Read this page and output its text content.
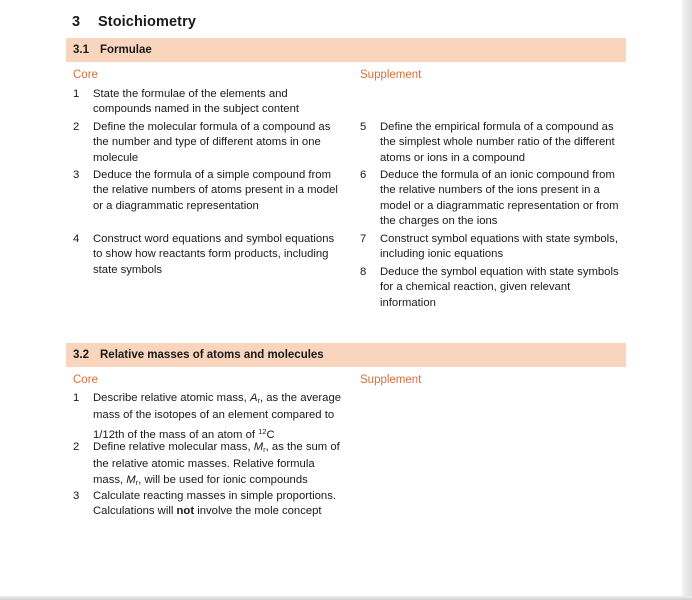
3 Stoichiometry
3.1 Formulae
Core	Supplement
1 State the formulae of the elements and compounds named in the subject content
2 Define the molecular formula of a compound as the number and type of different atoms in one molecule
3 Deduce the formula of a simple compound from the relative numbers of atoms present in a model or a diagrammatic representation
4 Construct word equations and symbol equations to show how reactants form products, including state symbols
5 Define the empirical formula of a compound as the simplest whole number ratio of the different atoms or ions in a compound
6 Deduce the formula of an ionic compound from the relative numbers of the ions present in a model or a diagrammatic representation or from the charges on the ions
7 Construct symbol equations with state symbols, including ionic equations
8 Deduce the symbol equation with state symbols for a chemical reaction, given relevant information
3.2 Relative masses of atoms and molecules
Core	Supplement
1 Describe relative atomic mass, $A_r$, as the average mass of the isotopes of an element compared to 1/12th of the mass of an atom of $^{12}$C
2 Define relative molecular mass, $M_r$, as the sum of the relative atomic masses. Relative formula mass, $M_r$, will be used for ionic compounds
3 Calculate reacting masses in simple proportions. Calculations will not involve the mole concept
